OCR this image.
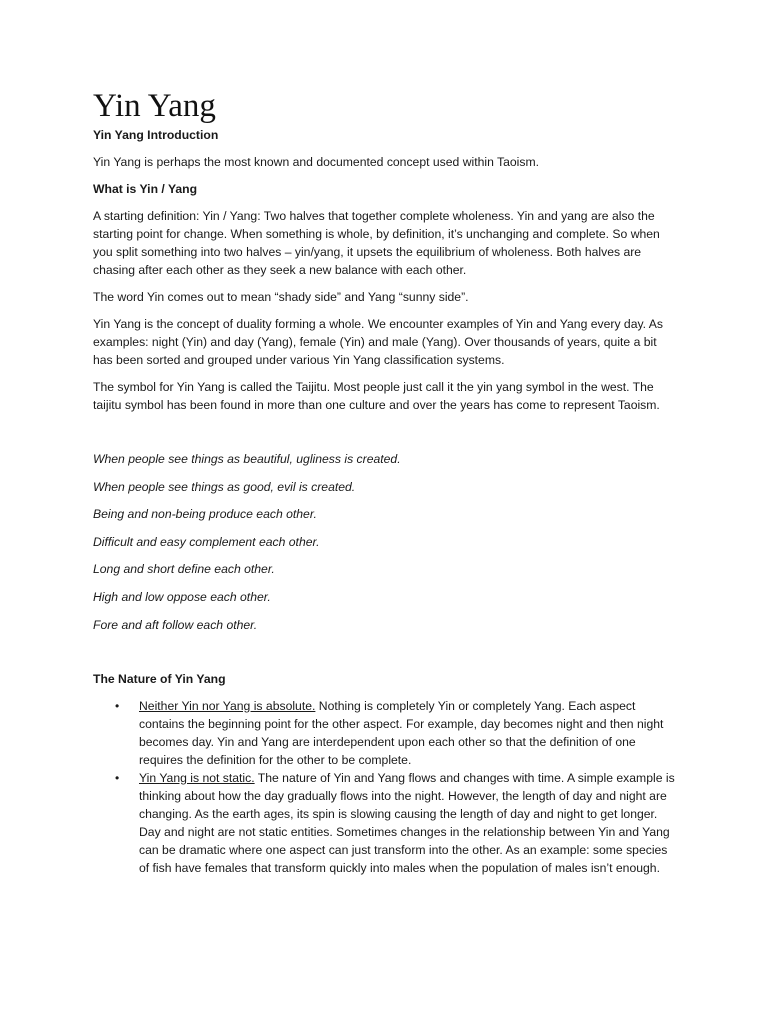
Yin Yang
Yin Yang Introduction

Yin Yang is perhaps the most known and documented concept used within Taoism.

What is Yin / Yang

A starting definition: Yin / Yang: Two halves that together complete wholeness. Yin and yang are also the starting point for change. When something is whole, by definition, it’s unchanging and complete. So when you split something into two halves – yin/yang, it upsets the equilibrium of wholeness. Both halves are chasing after each other as they seek a new balance with each other.

The word Yin comes out to mean “shady side” and Yang “sunny side”.

Yin Yang is the concept of duality forming a whole. We encounter examples of Yin and Yang every day. As examples: night (Yin) and day (Yang), female (Yin) and male (Yang). Over thousands of years, quite a bit has been sorted and grouped under various Yin Yang classification systems.

The symbol for Yin Yang is called the Taijitu. Most people just call it the yin yang symbol in the west. The taijitu symbol has been found in more than one culture and over the years has come to represent Taoism.

When people see things as beautiful, ugliness is created.

When people see things as good, evil is created.

Being and non-being produce each other.

Difficult and easy complement each other.

Long and short define each other.

High and low oppose each other.

Fore and aft follow each other.

The Nature of Yin Yang
• Neither Yin nor Yang is absolute. Nothing is completely Yin or completely Yang. Each aspect contains the beginning point for the other aspect. For example, day becomes night and then night becomes day. Yin and Yang are interdependent upon each other so that the definition of one requires the definition for the other to be complete.
• Yin Yang is not static. The nature of Yin and Yang flows and changes with time. A simple example is thinking about how the day gradually flows into the night. However, the length of day and night are changing. As the earth ages, its spin is slowing causing the length of day and night to get longer. Day and night are not static entities. Sometimes changes in the relationship between Yin and Yang can be dramatic where one aspect can just transform into the other. As an example: some species of fish have females that transform quickly into males when the population of males isn’t enough.
